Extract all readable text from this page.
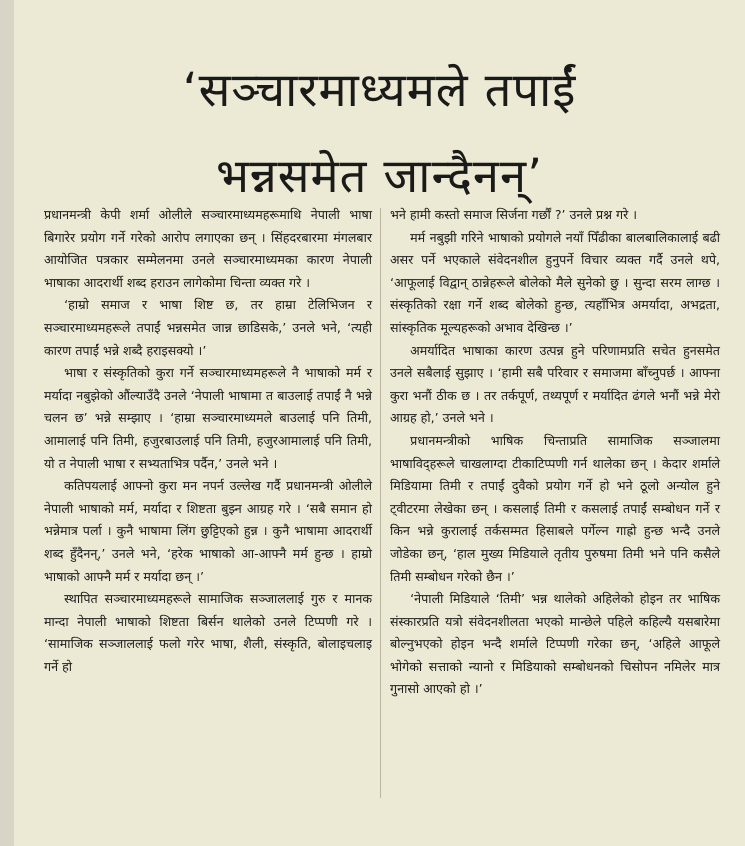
‘सञ्चारमाध्यमले तपाईं
भन्नसमेत जान्दैनन्’

प्रधानमन्त्री केपी शर्मा ओलीले सञ्चारमाध्यमहरूमाथि नेपाली भाषा बिगारेर प्रयोग गर्ने गरेको आरोप लगाएका छन् । सिंहदरबारमा मंगलबार आयोजित पत्रकार सम्मेलनमा उनले सञ्चारमाध्यमका कारण नेपाली भाषाका आदरार्थी शब्द हराउन लागेकोमा चिन्ता व्यक्त गरे ।

‘हाम्रो समाज र भाषा शिष्ट छ, तर हाम्रा टेलिभिजन र सञ्चारमाध्यमहरूले तपाईं भन्नसमेत जान्न छाडिसके,’ उनले भने, ‘त्यही कारण तपाईं भन्ने शब्दै हराइसक्यो ।’

भाषा र संस्कृतिको कुरा गर्ने सञ्चारमाध्यमहरूले नै भाषाको मर्म र मर्यादा नबुझेको औंल्याउँदै उनले ‘नेपाली भाषामा त बाउलाई तपाईं नै भन्ने चलन छ’ भन्ने सम्झाए । ‘हाम्रा सञ्चारमाध्यमले बाउलाई पनि तिमी, आमालाई पनि तिमी, हजुरबाउलाई पनि तिमी, हजुरआमालाई पनि तिमी, यो त नेपाली भाषा र सभ्यताभित्र पर्दैन,’ उनले भने ।

कतिपयलाई आफ्नो कुरा मन नपर्न उल्लेख गर्दै प्रधानमन्त्री ओलीले नेपाली भाषाको मर्म, मर्यादा र शिष्टता बुझ्न आग्रह गरे । ‘सबै समान हो भन्नेमात्र पर्ला । कुनै भाषामा लिंग छुट्टिएको हुन्न । कुनै भाषामा आदरार्थी शब्द हुँदैनन्,’ उनले भने, ‘हरेक भाषाको आ-आफ्नै मर्म हुन्छ । हाम्रो भाषाको आफ्नै मर्म र मर्यादा छन् ।’

स्थापित सञ्चारमाध्यमहरूले सामाजिक सञ्जाललाई गुरु र मानक मान्दा नेपाली भाषाको शिष्टता बिर्सन थालेको उनले टिप्पणी गरे । ‘सामाजिक सञ्जाललाई फलो गरेर भाषा, शैली, संस्कृति, बोलाइचलाइ गर्ने हो

भने हामी कस्तो समाज सिर्जना गर्छौं ?’ उनले प्रश्न गरे ।

मर्म नबुझी गरिने भाषाको प्रयोगले नयाँ पिँढीका बालबालिकालाई बढी असर पर्ने भएकाले संवेदनशील हुनुपर्ने विचार व्यक्त गर्दै उनले थपे, ‘आफूलाई विद्वान् ठान्नेहरूले बोलेको मैले सुनेको छु । सुन्दा सरम लाग्छ । संस्कृतिको रक्षा गर्ने शब्द बोलेको हुन्छ, त्यहाँभित्र अमर्यादा, अभद्रता, सांस्कृतिक मूल्यहरूको अभाव देखिन्छ ।’

अमर्यादित भाषाका कारण उत्पन्न हुने परिणामप्रति सचेत हुनसमेत उनले सबैलाई सुझाए । ‘हामी सबै परिवार र समाजमा बाँच्नुपर्छ । आफ्ना कुरा भनौं ठीक छ । तर तर्कपूर्ण, तथ्यपूर्ण र मर्यादित ढंगले भनौं भन्ने मेरो आग्रह हो,’ उनले भने ।

प्रधानमन्त्रीको भाषिक चिन्ताप्रति सामाजिक सञ्जालमा भाषाविद्हरूले चाखलाग्दा टीकाटिप्पणी गर्न थालेका छन् । केदार शर्माले मिडियामा तिमी र तपाईं दुवैको प्रयोग गर्ने हो भने ठूलो अन्योल हुने ट्वीटरमा लेखेका छन् । कसलाई तिमी र कसलाई तपाईं सम्बोधन गर्ने र किन भन्ने कुरालाई तर्कसम्मत हिसाबले पर्गेल्न गाह्रो हुन्छ भन्दै उनले जोडेका छन्, ‘हाल मुख्य मिडियाले तृतीय पुरुषमा तिमी भने पनि कसैले तिमी सम्बोधन गरेको छैन ।’

‘नेपाली मिडियाले ‘तिमी’ भन्न थालेको अहिलेको होइन तर भाषिक संस्कारप्रति यत्रो संवेदनशीलता भएको मान्छेले पहिले कहिल्यै यसबारेमा बोल्नुभएको होइन भन्दै शर्माले टिप्पणी गरेका छन्, ‘अहिले आफूले भोगेको सत्ताको न्यानो र मिडियाको सम्बोधनको चिसोपन नमिलेर मात्र गुनासो आएको हो ।’
